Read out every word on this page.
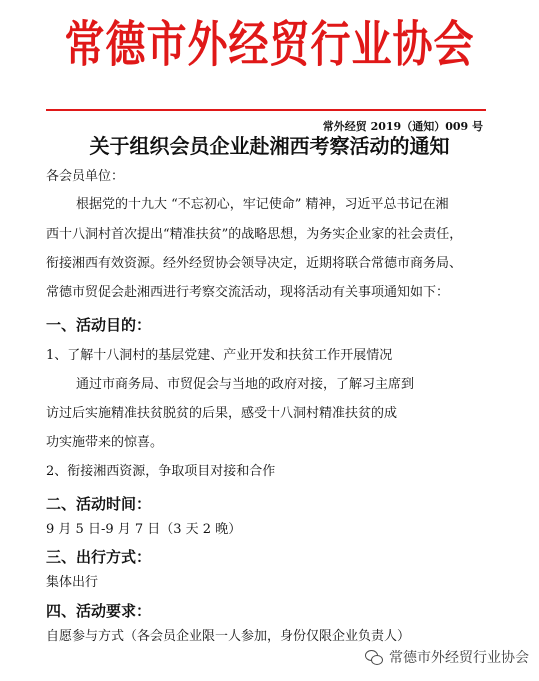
常德市外经贸行业协会
常外经贸 2019（通知）009 号
关于组织会员企业赴湘西考察活动的通知
各会员单位：
根据党的十九大 “不忘初心，牢记使命” 精神，习近平总书记在湘
西十八洞村首次提出“精准扶贫”的战略思想，为务实企业家的社会责任，
衔接湘西有效资源。经外经贸协会领导决定，近期将联合常德市商务局、
常德市贸促会赴湘西进行考察交流活动，现将活动有关事项通知如下：
一、活动目的：
1、了解十八洞村的基层党建、产业开发和扶贫工作开展情况
通过市商务局、市贸促会与当地的政府对接，了解习主席到
访过后实施精准扶贫脱贫的后果，感受十八洞村精准扶贫的成
功实施带来的惊喜。
2、衔接湘西资源，争取项目对接和合作
二、活动时间：
9 月 5 日-9 月 7 日（3 天 2 晚）
三、出行方式：
集体出行
四、活动要求：
自愿参与方式（各会员企业限一人参加，身份仅限企业负责人）
常德市外经贸行业协会
